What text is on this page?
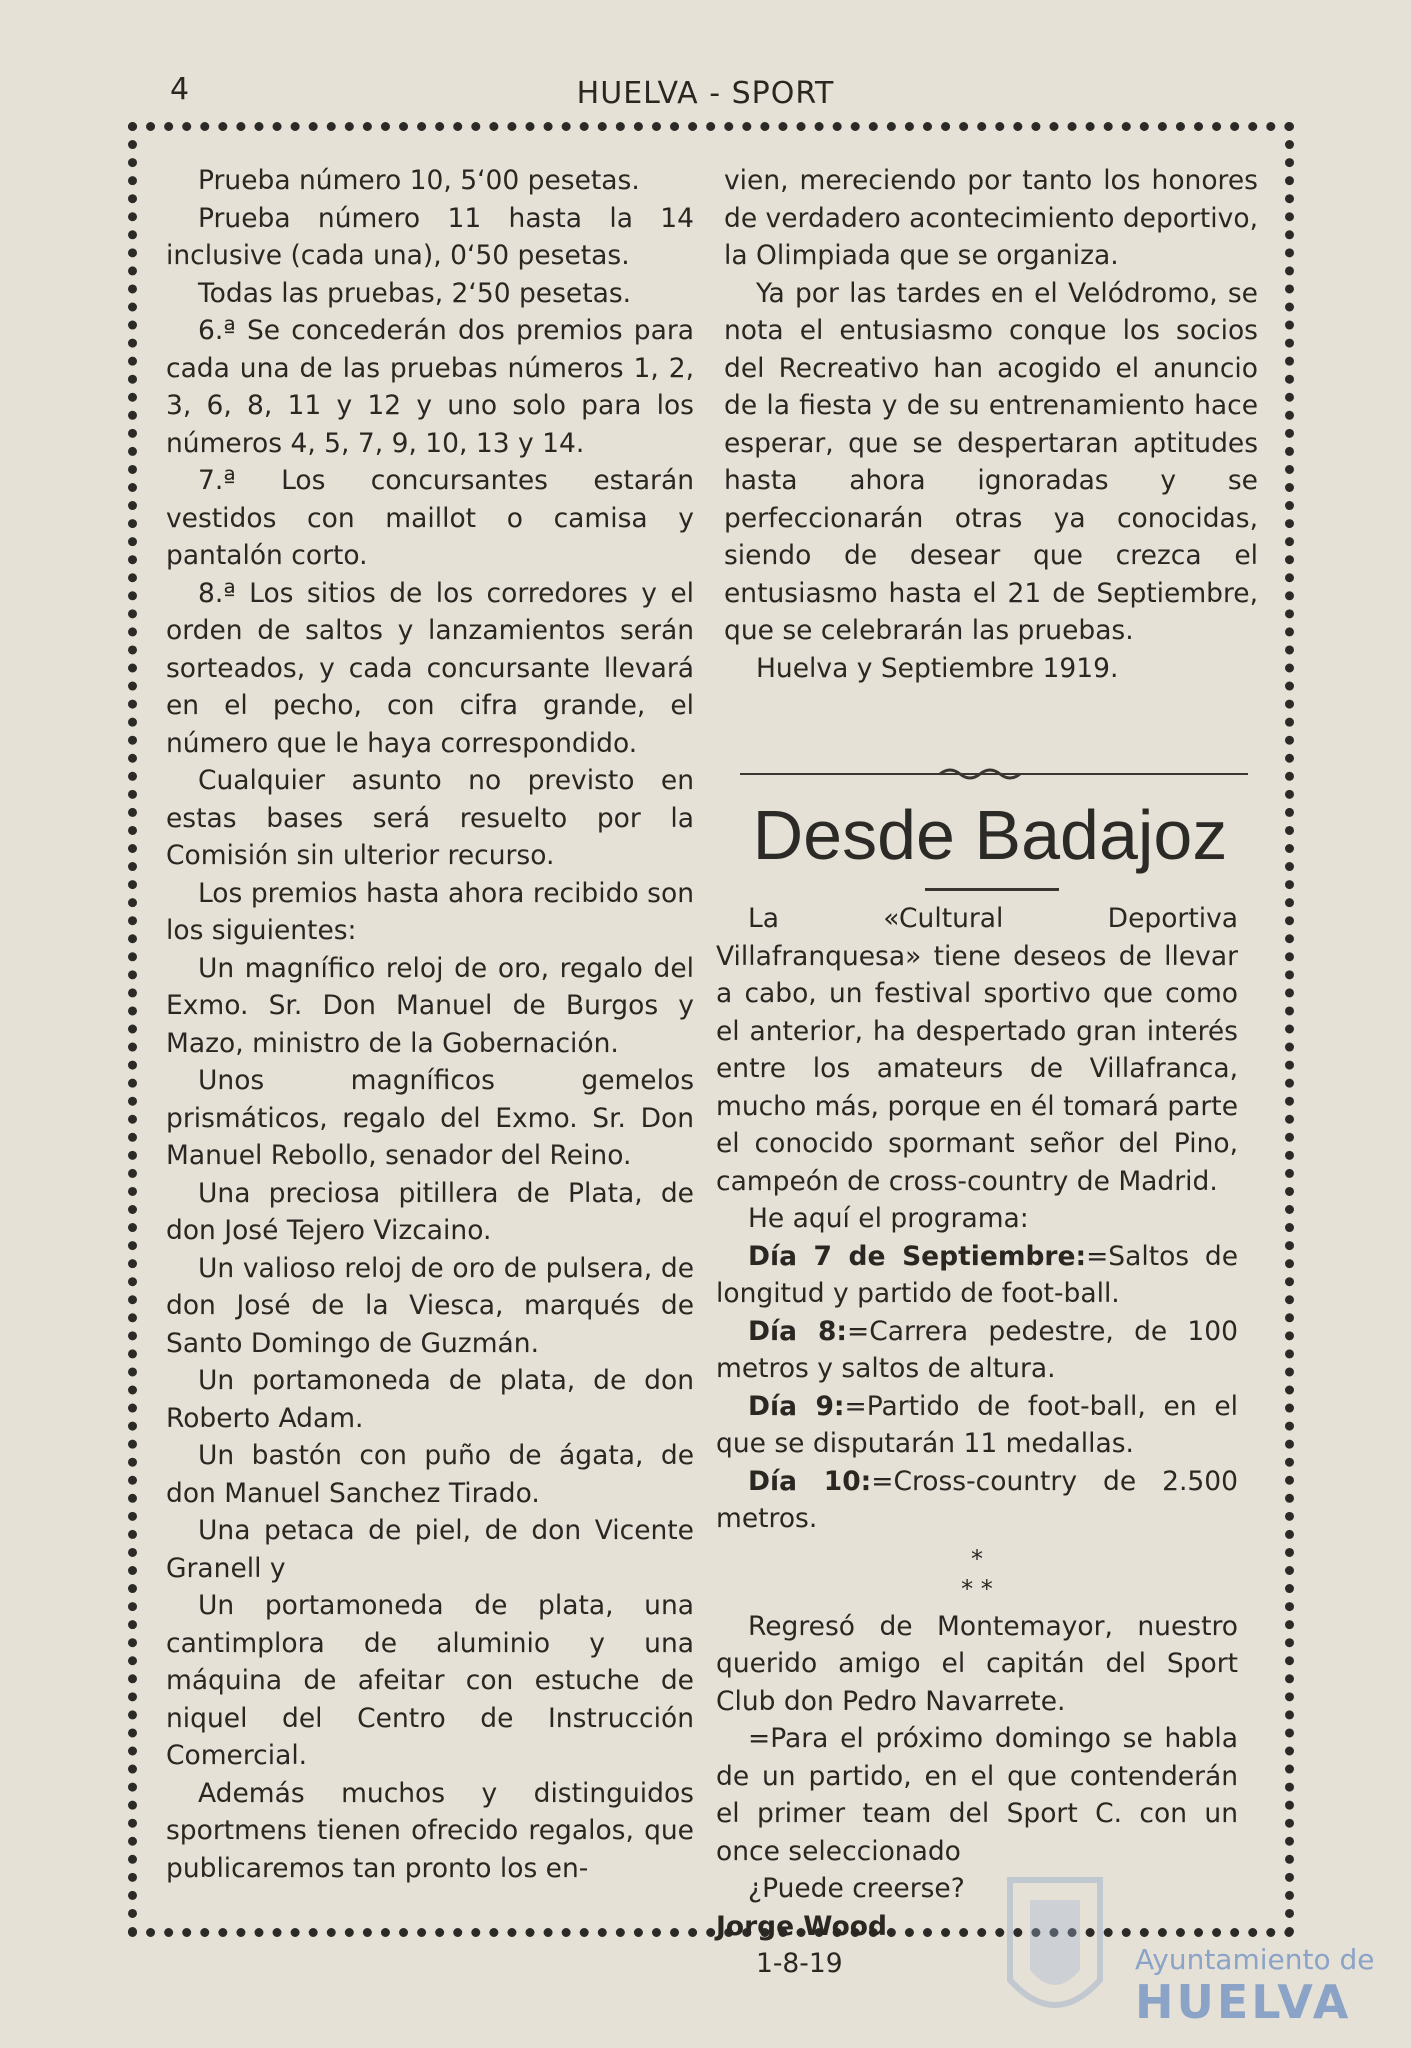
4	HUELVA - SPORT

Prueba número 10, 5‘00 pesetas.

Prueba número 11 hasta la 14 inclusive (cada una), 0‘50 pesetas.

Todas las pruebas, 2‘50 pesetas.

6.ª Se concederán dos premios para cada una de las pruebas números 1, 2, 3, 6, 8, 11 y 12 y uno solo para los números 4, 5, 7, 9, 10, 13 y 14.

7.ª Los concursantes estarán vestidos con maillot o camisa y pantalón corto.

8.ª Los sitios de los corredores y el orden de saltos y lanzamientos serán sorteados, y cada concursante llevará en el pecho, con cifra grande, el número que le haya correspondido.

Cualquier asunto no previsto en estas bases será resuelto por la Comisión sin ulterior recurso.

Los premios hasta ahora recibido son los siguientes:

Un magnífico reloj de oro, regalo del Exmo. Sr. Don Manuel de Burgos y Mazo, ministro de la Gobernación.

Unos magníficos gemelos prismáticos, regalo del Exmo. Sr. Don Manuel Rebollo, senador del Reino.

Una preciosa pitillera de Plata, de don José Tejero Vizcaino.

Un valioso reloj de oro de pulsera, de don José de la Viesca, marqués de Santo Domingo de Guzmán.

Un portamoneda de plata, de don Roberto Adam.

Un bastón con puño de ágata, de don Manuel Sanchez Tirado.

Una petaca de piel, de don Vicente Granell y

Un portamoneda de plata, una cantimplora de aluminio y una máquina de afeitar con estuche de niquel del Centro de Instrucción Comercial.

Además muchos y distinguidos sportmens tienen ofrecido regalos, que publicaremos tan pronto los en-

vien, mereciendo por tanto los honores de verdadero acontecimiento deportivo, la Olimpiada que se organiza.

Ya por las tardes en el Velódromo, se nota el entusiasmo conque los socios del Recreativo han acogido el anuncio de la fiesta y de su entrenamiento hace esperar, que se despertaran aptitudes hasta ahora ignoradas y se perfeccionarán otras ya conocidas, siendo de desear que crezca el entusiasmo hasta el 21 de Septiembre, que se celebrarán las pruebas.

Huelva y Septiembre 1919.

Desde Badajoz

La «Cultural Deportiva Villafranquesa» tiene deseos de llevar a cabo, un festival sportivo que como el anterior, ha despertado gran interés entre los amateurs de Villafranca, mucho más, porque en él tomará parte el conocido spormant señor del Pino, campeón de cross-country de Madrid.

He aquí el programa:

Día 7 de Septiembre:=Saltos de longitud y partido de foot-ball.

Día 8:=Carrera pedestre, de 100 metros y saltos de altura.

Día 9:=Partido de foot-ball, en el que se disputarán 11 medallas.

Día 10:=Cross-country de 2.500 metros.

*
* *

Regresó de Montemayor, nuestro querido amigo el capitán del Sport Club don Pedro Navarrete.

=Para el próximo domingo se habla de un partido, en el que contenderán el primer team del Sport C. con un once seleccionado

¿Puede creerse?

Jorge Wood

1-8-19	Ayuntamiento de
HUELVA
